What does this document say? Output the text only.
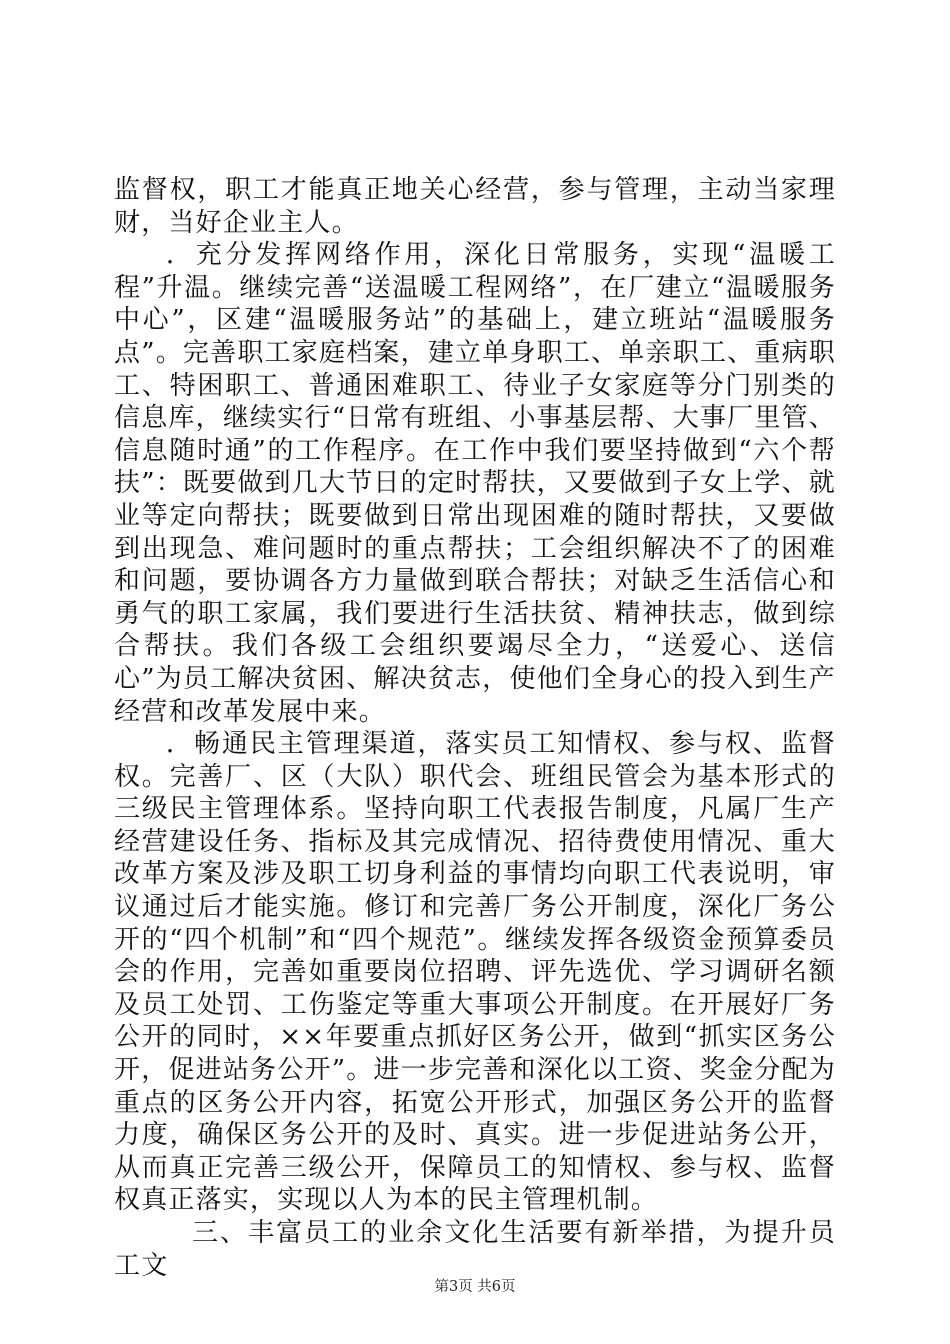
监督权，职工才能真正地关心经营，参与管理，主动当家理财，当好企业主人。

．充分发挥网络作用，深化日常服务，实现“温暖工程”升温。继续完善“送温暖工程网络”，在厂建立“温暖服务中心”，区建“温暖服务站”的基础上，建立班站“温暖服务点”。完善职工家庭档案，建立单身职工、单亲职工、重病职工、特困职工、普通困难职工、待业子女家庭等分门别类的信息库，继续实行“日常有班组、小事基层帮、大事厂里管、信息随时通”的工作程序。在工作中我们要坚持做到“六个帮扶”：既要做到几大节日的定时帮扶，又要做到子女上学、就业等定向帮扶；既要做到日常出现困难的随时帮扶，又要做到出现急、难问题时的重点帮扶；工会组织解决不了的困难和问题，要协调各方力量做到联合帮扶；对缺乏生活信心和勇气的职工家属，我们要进行生活扶贫、精神扶志，做到综合帮扶。我们各级工会组织要竭尽全力，“送爱心、送信心”为员工解决贫困、解决贫志，使他们全身心的投入到生产经营和改革发展中来。

．畅通民主管理渠道，落实员工知情权、参与权、监督权。完善厂、区（大队）职代会、班组民管会为基本形式的三级民主管理体系。坚持向职工代表报告制度，凡属厂生产经营建设任务、指标及其完成情况、招待费使用情况、重大改革方案及涉及职工切身利益的事情均向职工代表说明，审议通过后才能实施。修订和完善厂务公开制度，深化厂务公开的“四个机制”和“四个规范”。继续发挥各级资金预算委员会的作用，完善如重要岗位招聘、评先选优、学习调研名额及员工处罚、工伤鉴定等重大事项公开制度。在开展好厂务公开的同时，××年要重点抓好区务公开，做到“抓实区务公开，促进站务公开”。进一步完善和深化以工资、奖金分配为重点的区务公开内容，拓宽公开形式，加强区务公开的监督力度，确保区务公开的及时、真实。进一步促进站务公开，从而真正完善三级公开，保障员工的知情权、参与权、监督权真正落实，实现以人为本的民主管理机制。

三、丰富员工的业余文化生活要有新举措，为提升员工文

第3页 共6页
